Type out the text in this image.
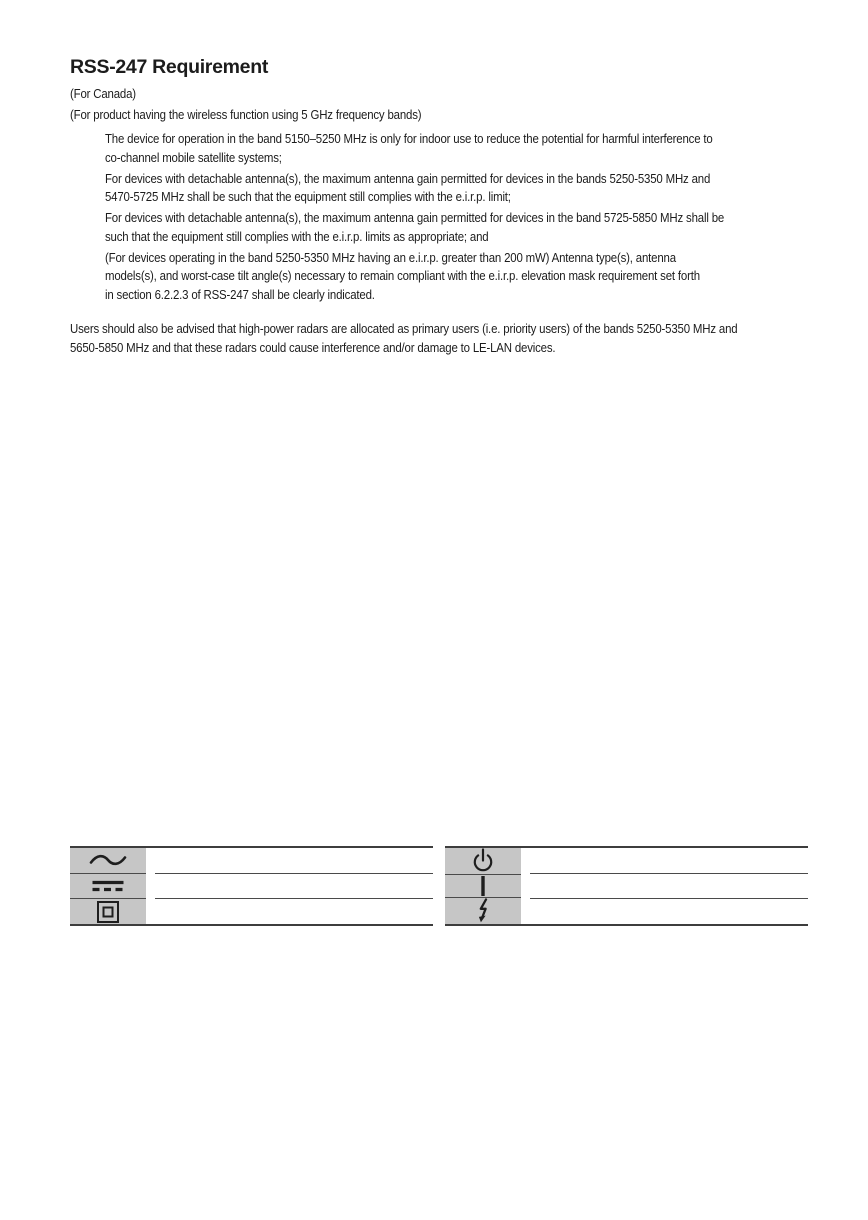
RSS-247 Requirement
(For Canada)
(For product having the wireless function using 5 GHz frequency bands)

The device for operation in the band 5150–5250 MHz is only for indoor use to reduce the potential for harmful interference to
co-channel mobile satellite systems;

For devices with detachable antenna(s), the maximum antenna gain permitted for devices in the bands 5250-5350 MHz and
5470-5725 MHz shall be such that the equipment still complies with the e.i.r.p. limit;

For devices with detachable antenna(s), the maximum antenna gain permitted for devices in the band 5725-5850 MHz shall be
such that the equipment still complies with the e.i.r.p. limits as appropriate; and

(For devices operating in the band 5250-5350 MHz having an e.i.r.p. greater than 200 mW) Antenna type(s), antenna
models(s), and worst-case tilt angle(s) necessary to remain compliant with the e.i.r.p. elevation mask requirement set forth
in section 6.2.2.3 of RSS-247 shall be clearly indicated.

Users should also be advised that high-power radars are allocated as primary users (i.e. priority users) of the bands 5250-5350 MHz and
5650-5850 MHz and that these radars could cause interference and/or damage to LE-LAN devices.
